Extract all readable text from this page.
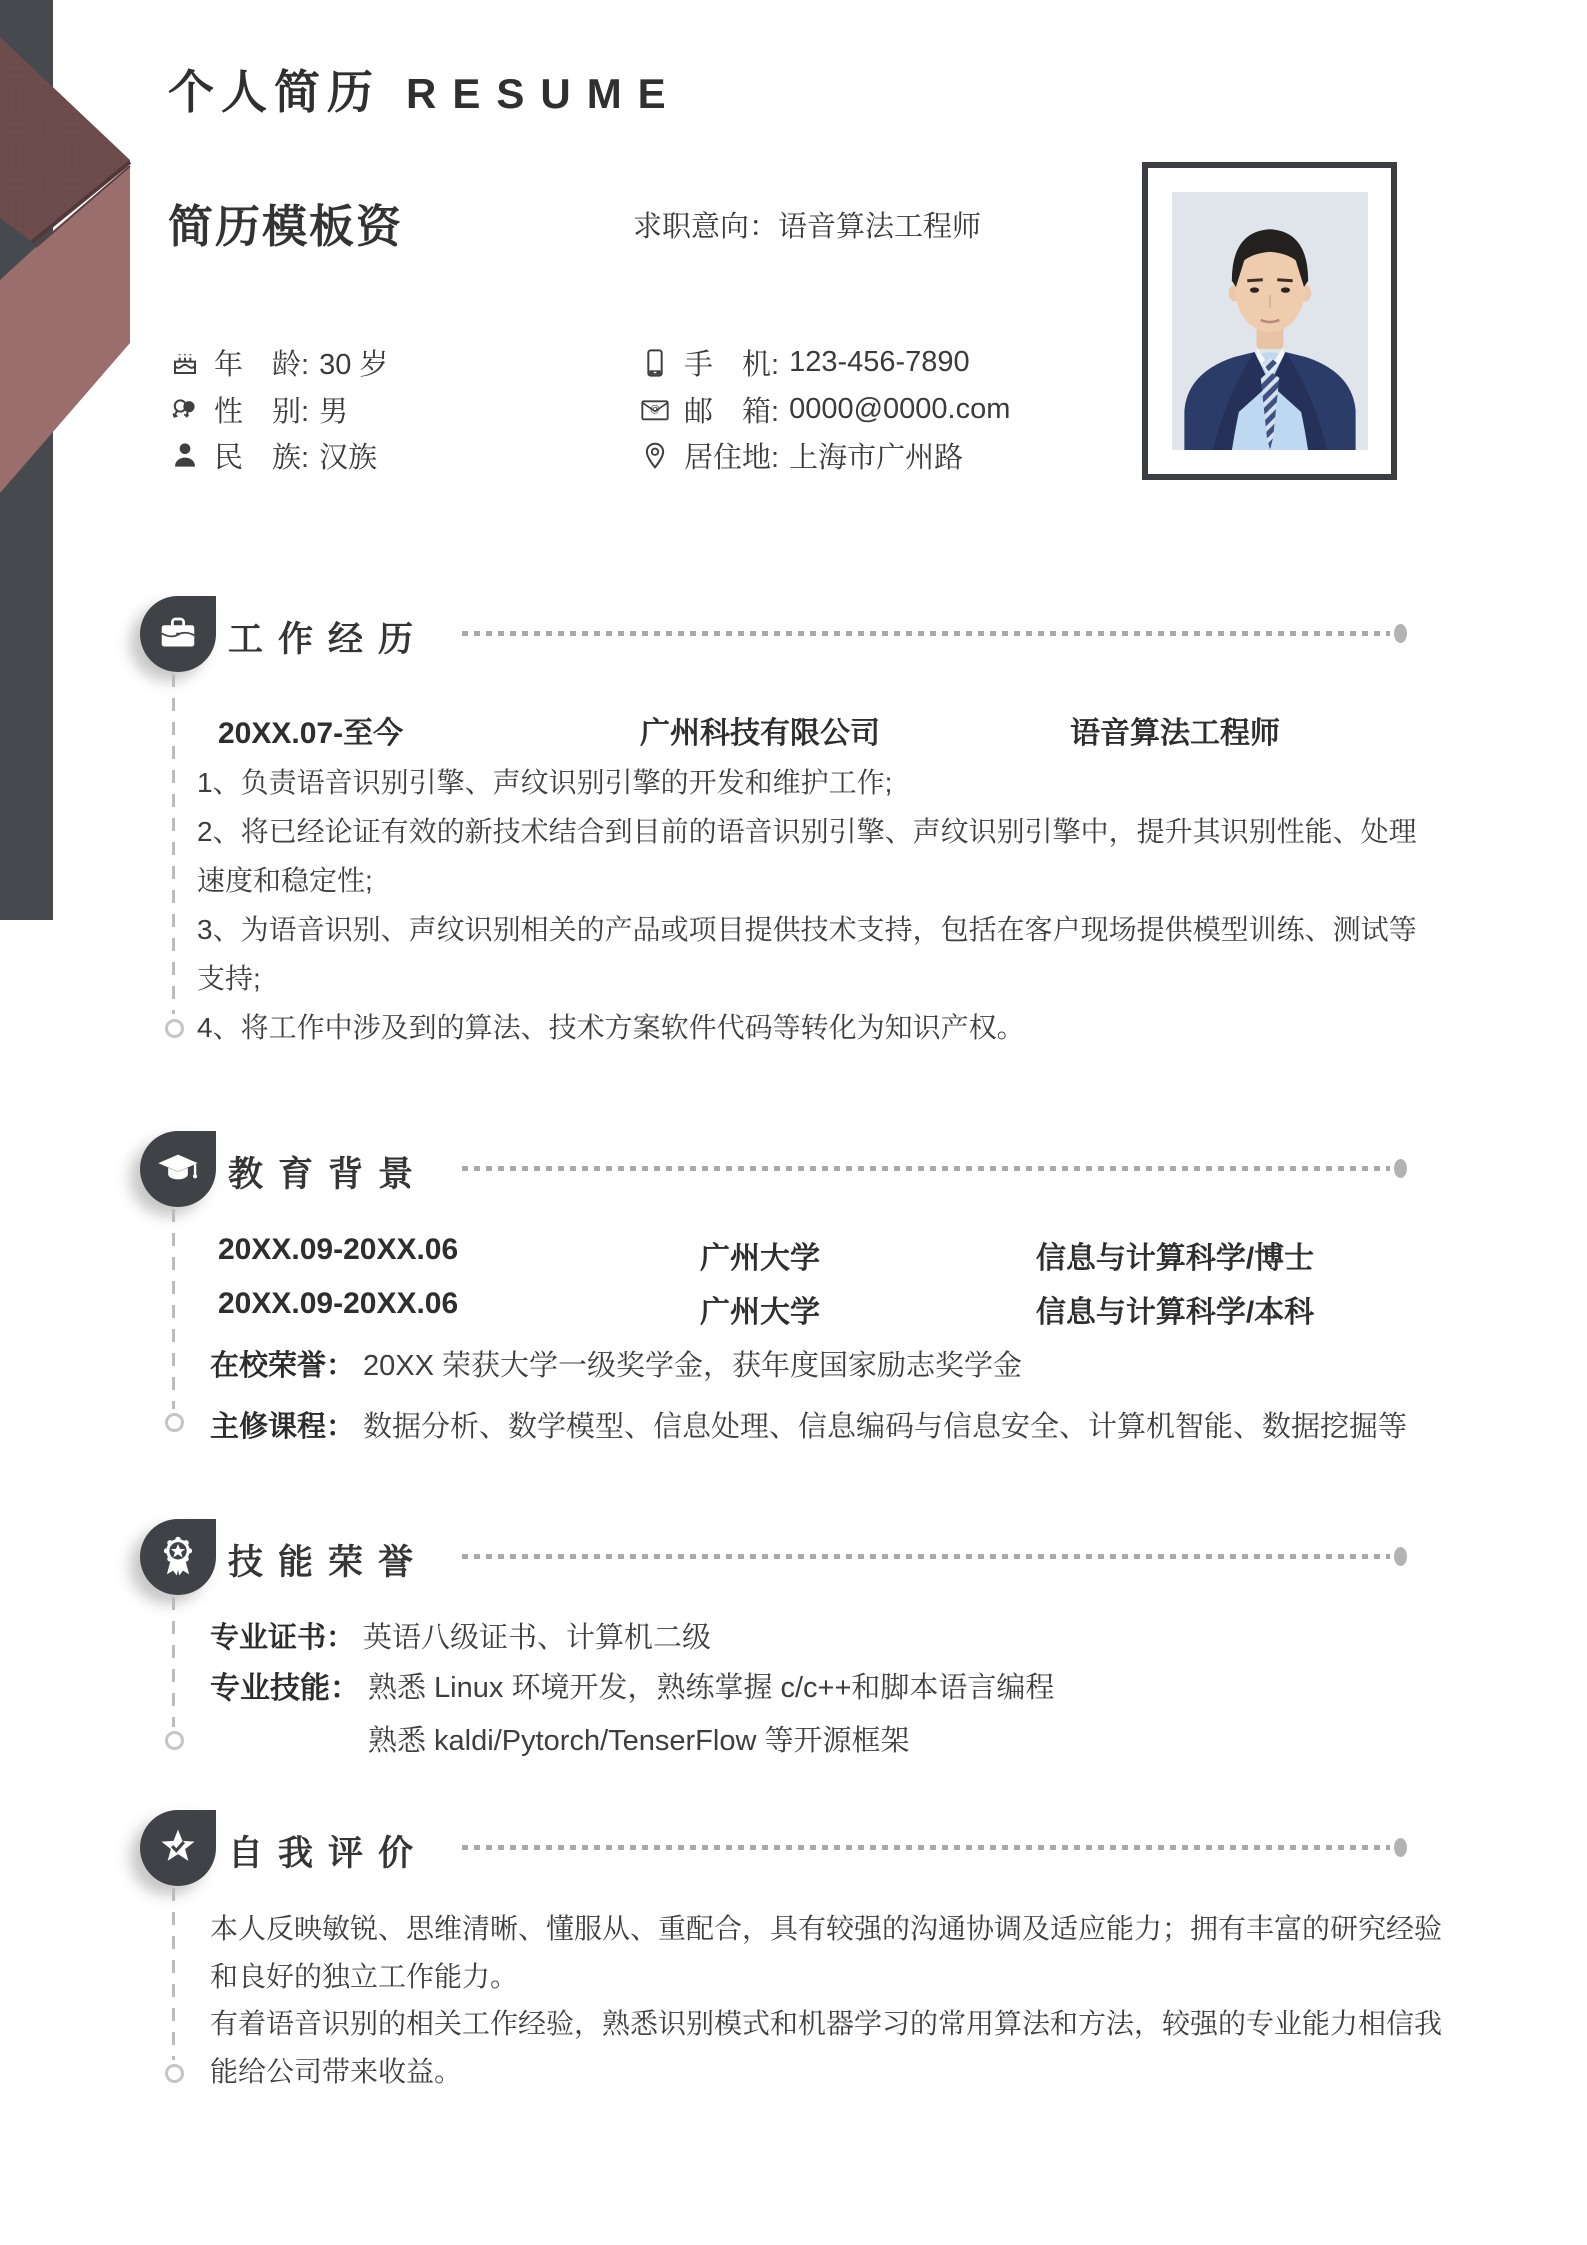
个人简历 RESUME
简历模板资	求职意向：语音算法工程师
年　龄: 30 岁
性　别: 男
民　族: 汉族
手　机: 123-456-7890
@ 邮　箱: 0000@0000.com
居住地: 上海市广州路
工作经历
20XX.07-至今	广州科技有限公司	语音算法工程师

1、负责语音识别引擎、声纹识别引擎的开发和维护工作;

2、将已经论证有效的新技术结合到目前的语音识别引擎、声纹识别引擎中，提升其识别性能、处理速度和稳定性;

3、为语音识别、声纹识别相关的产品或项目提供技术支持，包括在客户现场提供模型训练、测试等支持;

4、将工作中涉及到的算法、技术方案软件代码等转化为知识产权。

教育背景
20XX.09-20XX.06	广州大学	信息与计算科学/博士
20XX.09-20XX.06	广州大学	信息与计算科学/本科
在校荣誉： 20XX 荣获大学一级奖学金，获年度国家励志奖学金
主修课程： 数据分析、数学模型、信息处理、信息编码与信息安全、计算机智能、数据挖掘等
技能荣誉
专业证书： 英语八级证书、计算机二级
专业技能： 熟悉 Linux 环境开发，熟练掌握 c/c++和脚本语言编程
熟悉 kaldi/Pytorch/TenserFlow 等开源框架
自我评价

本人反映敏锐、思维清晰、懂服从、重配合，具有较强的沟通协调及适应能力；拥有丰富的研究经验和良好的独立工作能力。

有着语音识别的相关工作经验，熟悉识别模式和机器学习的常用算法和方法，较强的专业能力相信我能给公司带来收益。
